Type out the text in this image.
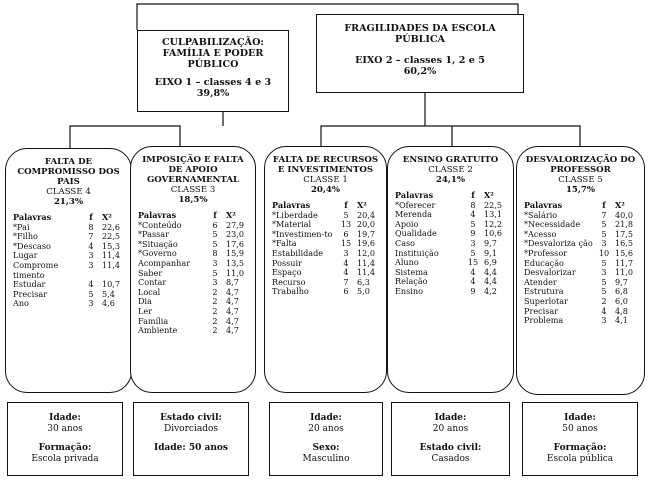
CULPABILIZAÇÃO: FAMÍLIA E PODER PÚBLICO
EIXO 1 – classes 4 e 3
39,8%
FRAGILIDADES DA ESCOLA PÚBLICA
EIXO 2 – classes 1, 2 e 5
60,2%
FALTA DE COMPROMISSO DOS PAIS
CLASSE 4
21,3%
Palavras	f	X²
*Pai	8	22,6
*Filho	7	22,5
*Descaso	4	15,3
Lugar	3	11,4
Comprome timento	3	11,4
Estudar	4	10,7
Precisar	5	5,4
Ano	3	4,6
IMPOSIÇÃO E FALTA DE APOIO GOVERNAMENTAL
CLASSE 3
18,5%
Palavras	f	X²
*Conteúdo	6	27,9
*Passar	5	23,0
*Situação	5	17,6
*Governo	8	15,9
Acompanhar	3	13,5
Saber	5	11,0
Contar	3	8,7
Local	2	4,7
Dia	2	4,7
Ler	2	4,7
Família	2	4,7
Ambiente	2	4,7
FALTA DE RECURSOS E INVESTIMENTOS
CLASSE 1
20,4%
Palavras	f	X²
*Liberdade	5	20,4
*Material	13	20,0
*Investimen-to	6	19,7
*Falta	15	19,6
Estabilidade	3	12,0
Possuir	4	11,4
Espaço	4	11,4
Recurso	7	6,3
Trabalho	6	5,0
ENSINO GRATUITO
CLASSE 2
24,1%
Palavras	f	X²
*Oferecer	8	22,5
Merenda	4	13,1
Apoio	5	12,2
Qualidade	9	10,6
Caso	3	9,7
Instituição	5	9,1
Aluno	15	6,9
Sistema	4	4,4
Relação	4	4,4
Ensino	9	4,2
DESVALORIZAÇÃO DO PROFESSOR
CLASSE 5
15,7%
Palavras	f	X²
*Salário	7	40,0
*Necessidade	5	21,8
*Acesso	5	17,5
*Desvaloriza ção	3	16,5
*Professor	10	15,6
Educação	5	11,7
Desvalorizar	3	11,0
Atender	5	9,7
Estrutura	5	6,8
Superlotar	2	6,0
Precisar	4	4,8
Problema	3	4,1
Idade:
30 anos
Formação:
Escola privada
Estado civil:
Divorciados
Idade: 50 anos
Idade:
20 anos
Sexo:
Masculino
Idade:
20 anos
Estado civil:
Casados
Idade:
50 anos
Formação:
Escola pública
